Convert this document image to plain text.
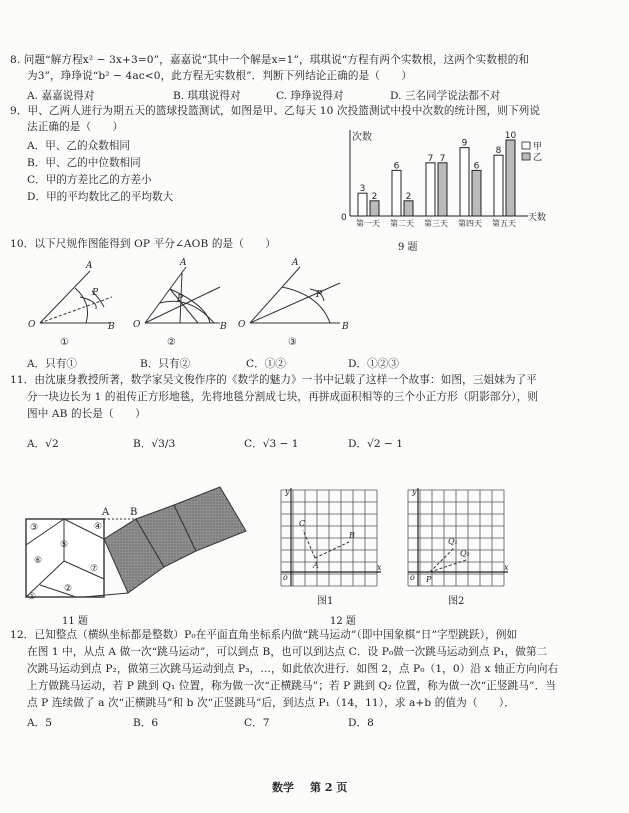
8. 问题“解方程x² − 3x+3=0”，嘉嘉说“其中一个解是x=1”，琪琪说“方程有两个实数根，这两个实数根的和
为3”，琤琤说“b² − 4ac<0，此方程无实数根”．判断下列结论正确的是（　　）
A. 嘉嘉说得对	B. 琪琪说得对	C. 琤琤说得对	D. 三名同学说法都不对
9．甲、乙两人进行为期五天的篮球投篮测试，如图是甲、乙每天 10 次投篮测试中投中次数的统计图，则下列说
法正确的是（　　）
A．甲、乙的众数相同
B．甲、乙的中位数相同
C．甲的方差比乙的方差小
D．甲的平均数比乙的平均数大
次数
0	天数
3
2
第一天
6
2
第二天
7 7
第三天
9
6
第四天
8
10
第五天
甲
乙
9 题
10．以下尺规作图能得到 OP 平分∠AOB 的是（　　）
O
A
B
P
O
A
B
P
O
A
B
P
①	②	③
A．只有①	B．只有②	C．①②	D．①②③
11．由沈康身教授所著，数学家吴文俊作序的《数学的魅力》一书中记载了这样一个故事：如图，三姐妹为了平
分一块边长为 1 的祖传正方形地毯，先将地毯分割成七块，再拼成面积相等的三个小正方形（阴影部分），则
图中 AB 的长是（　　）
A．√2	B．√3/3	C．√3 − 1	D．√2 − 1
③
⑥
⑤
②
①
④
⑦
A B
11 题
A
B
C
x
y
o
Q₁
Q₂
P
x
y
o
图1	图2
12 题
12．已知整点（横纵坐标都是整数）P₀在平面直角坐标系内做“跳马运动”（即中国象棋“日”字型跳跃），例如
在图 1 中，从点 A 做一次“跳马运动”，可以到点 B，也可以到达点 C．设 P₀做一次跳马运动到点 P₁，做第二
次跳马运动到点 P₂，做第三次跳马运动到点 P₃，…，如此依次进行．如图 2，点 P₀（1，0）沿 x 轴正方向向右
上方做跳马运动，若 P 跳到 Q₁ 位置，称为做一次“正横跳马”；若 P 跳到 Q₂ 位置，称为做一次“正竖跳马”．当
点 P 连续做了 a 次“正横跳马”和 b 次“正竖跳马”后，到达点 P₁（14，11），求 a+b 的值为（　　）．
A．5	B．6	C．7	D．8
数学 第 2 页
